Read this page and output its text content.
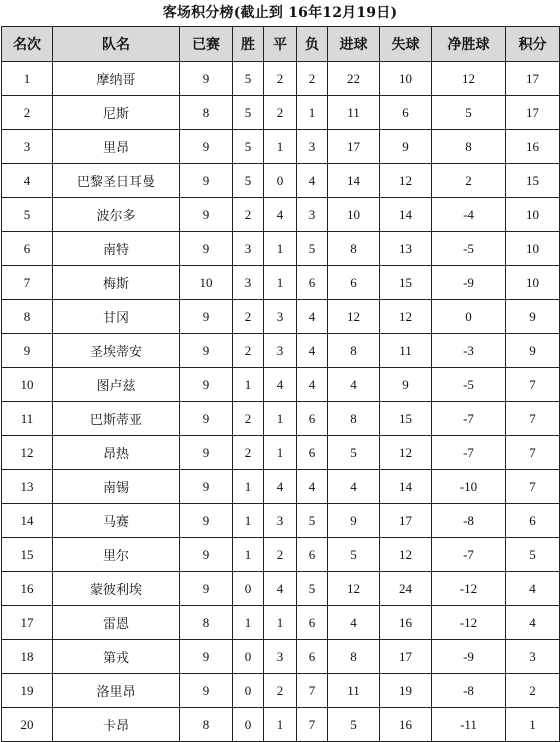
客场积分榜(截止到 16年12月19日)
名次	队名	已赛	胜	平	负	进球	失球	净胜球	积分
1	摩纳哥	9	5	2	2	22	10	12	17
2	尼斯	8	5	2	1	11	6	5	17
3	里昂	9	5	1	3	17	9	8	16
4	巴黎圣日耳曼	9	5	0	4	14	12	2	15
5	波尔多	9	2	4	3	10	14	-4	10
6	南特	9	3	1	5	8	13	-5	10
7	梅斯	10	3	1	6	6	15	-9	10
8	甘冈	9	2	3	4	12	12	0	9
9	圣埃蒂安	9	2	3	4	8	11	-3	9
10	图卢兹	9	1	4	4	4	9	-5	7
11	巴斯蒂亚	9	2	1	6	8	15	-7	7
12	昂热	9	2	1	6	5	12	-7	7
13	南锡	9	1	4	4	4	14	-10	7
14	马赛	9	1	3	5	9	17	-8	6
15	里尔	9	1	2	6	5	12	-7	5
16	蒙彼利埃	9	0	4	5	12	24	-12	4
17	雷恩	8	1	1	6	4	16	-12	4
18	第戎	9	0	3	6	8	17	-9	3
19	洛里昂	9	0	2	7	11	19	-8	2
20	卡昂	8	0	1	7	5	16	-11	1
